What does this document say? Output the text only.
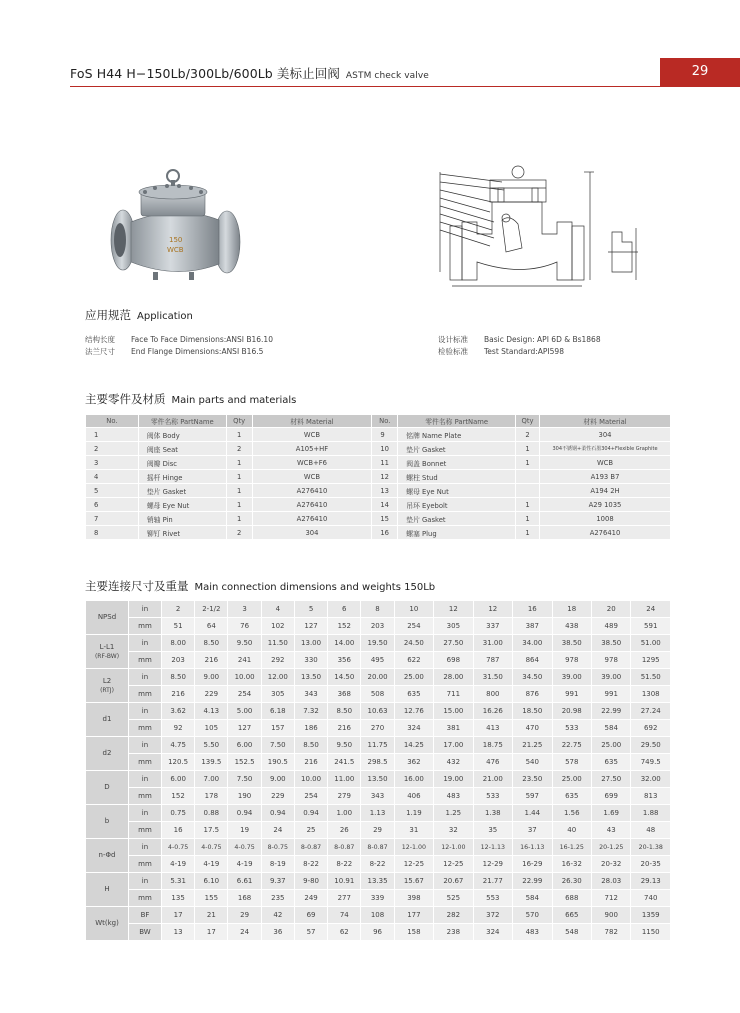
FoS H44 H−150Lb/300Lb/600Lb 美标止回阀 ASTM check valve	29
150
WCB
应用规范 Application
结构长度 Face To Face Dimensions:ANSI B16.10
法兰尺寸 End Flange Dimensions:ANSI B16.5
设计标准 Basic Design: API 6D & Bs1868
检验标准 Test Standard:API598
主要零件及材质 Main parts and materials
No.	零件名称 PartName	Qty	材料 Material	No.	零件名称 PartName	Qty	材料 Material
1	阀体 Body	1	WCB	9	铭牌 Name Plate	2	304
2	阀座 Seat	2	A105+HF	10	垫片 Gasket	1	304不锈钢+柔性石墨304+Flexible Graphite
3	阀瓣 Disc	1	WCB+F6	11	阀盖 Bonnet	1	WCB
4	摇杆 Hinge	1	WCB	12	螺柱 Stud		A193 B7
5	垫片 Gasket	1	A276410	13	螺母 Eye Nut		A194 2H
6	螺母 Eye Nut	1	A276410	14	吊环 Eyebolt	1	A29 1035
7	销轴 Pin	1	A276410	15	垫片 Gasket	1	1008
8	铆钉 Rivet	2	304	16	螺塞 Plug	1	A276410
主要连接尺寸及重量 Main connection dimensions and weights 150Lb
NPSd	in	2	2-1/2	3	4	5	6	8	10	12	12	16	18	20	24
	mm	51	64	76	102	127	152	203	254	305	337	387	438	489	591
L-L1
(RF-BW)	in	8.00	8.50	9.50	11.50	13.00	14.00	19.50	24.50	27.50	31.00	34.00	38.50	38.50	51.00
	mm	203	216	241	292	330	356	495	622	698	787	864	978	978	1295
L2
(RTJ)	in	8.50	9.00	10.00	12.00	13.50	14.50	20.00	25.00	28.00	31.50	34.50	39.00	39.00	51.50
	mm	216	229	254	305	343	368	508	635	711	800	876	991	991	1308
d1	in	3.62	4.13	5.00	6.18	7.32	8.50	10.63	12.76	15.00	16.26	18.50	20.98	22.99	27.24
	mm	92	105	127	157	186	216	270	324	381	413	470	533	584	692
d2	in	4.75	5.50	6.00	7.50	8.50	9.50	11.75	14.25	17.00	18.75	21.25	22.75	25.00	29.50
	mm	120.5	139.5	152.5	190.5	216	241.5	298.5	362	432	476	540	578	635	749.5
D	in	6.00	7.00	7.50	9.00	10.00	11.00	13.50	16.00	19.00	21.00	23.50	25.00	27.50	32.00
	mm	152	178	190	229	254	279	343	406	483	533	597	635	699	813
b	in	0.75	0.88	0.94	0.94	0.94	1.00	1.13	1.19	1.25	1.38	1.44	1.56	1.69	1.88
	mm	16	17.5	19	24	25	26	29	31	32	35	37	40	43	48
n-Φd	in	4-0.75	4-0.75	4-0.75	8-0.75	8-0.87	8-0.87	8-0.87	12-1.00	12-1.00	12-1.13	16-1.13	16-1.25	20-1.25	20-1.38
	mm	4-19	4-19	4-19	8-19	8-22	8-22	8-22	12-25	12-25	12-29	16-29	16-32	20-32	20-35
H	in	5.31	6.10	6.61	9.37	9-80	10.91	13.35	15.67	20.67	21.77	22.99	26.30	28.03	29.13
	mm	135	155	168	235	249	277	339	398	525	553	584	688	712	740
Wt(kg)	BF	17	21	29	42	69	74	108	177	282	372	570	665	900	1359
	BW	13	17	24	36	57	62	96	158	238	324	483	548	782	1150
